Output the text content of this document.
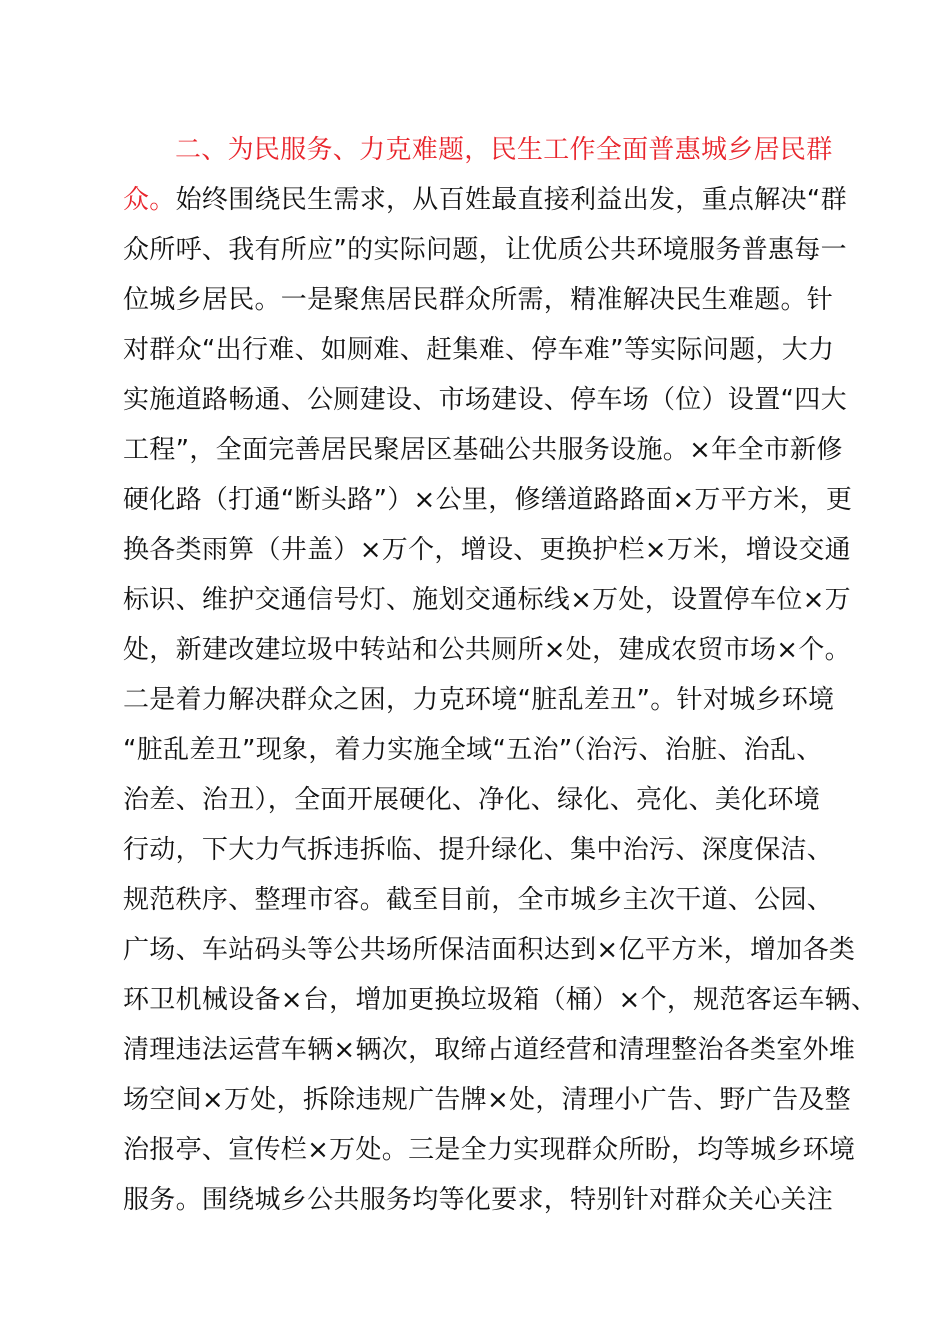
二、为民服务、力克难题，民生工作全面普惠城乡居民群
众。始终围绕民生需求，从百姓最直接利益出发，重点解决“群
众所呼、我有所应”的实际问题，让优质公共环境服务普惠每一
位城乡居民。一是聚焦居民群众所需，精准解决民生难题。针
对群众“出行难、如厕难、赶集难、停车难”等实际问题，大力
实施道路畅通、公厕建设、市场建设、停车场（位）设置“四大
工程”，全面完善居民聚居区基础公共服务设施。×年全市新修
硬化路（打通“断头路”）×公里，修缮道路路面×万平方米，更
换各类雨箅（井盖）×万个，增设、更换护栏×万米，增设交通
标识、维护交通信号灯、施划交通标线×万处，设置停车位×万
处，新建改建垃圾中转站和公共厕所×处，建成农贸市场×个。
二是着力解决群众之困，力克环境“脏乱差丑”。针对城乡环境
“脏乱差丑”现象，着力实施全域“五治”（治污、治脏、治乱、
治差、治丑），全面开展硬化、净化、绿化、亮化、美化环境
行动，下大力气拆违拆临、提升绿化、集中治污、深度保洁、
规范秩序、整理市容。截至目前，全市城乡主次干道、公园、
广场、车站码头等公共场所保洁面积达到×亿平方米，增加各类
环卫机械设备×台，增加更换垃圾箱（桶）×个，规范客运车辆、
清理违法运营车辆×辆次，取缔占道经营和清理整治各类室外堆
场空间×万处，拆除违规广告牌×处，清理小广告、野广告及整
治报亭、宣传栏×万处。三是全力实现群众所盼，均等城乡环境
服务。围绕城乡公共服务均等化要求，特别针对群众关心关注
